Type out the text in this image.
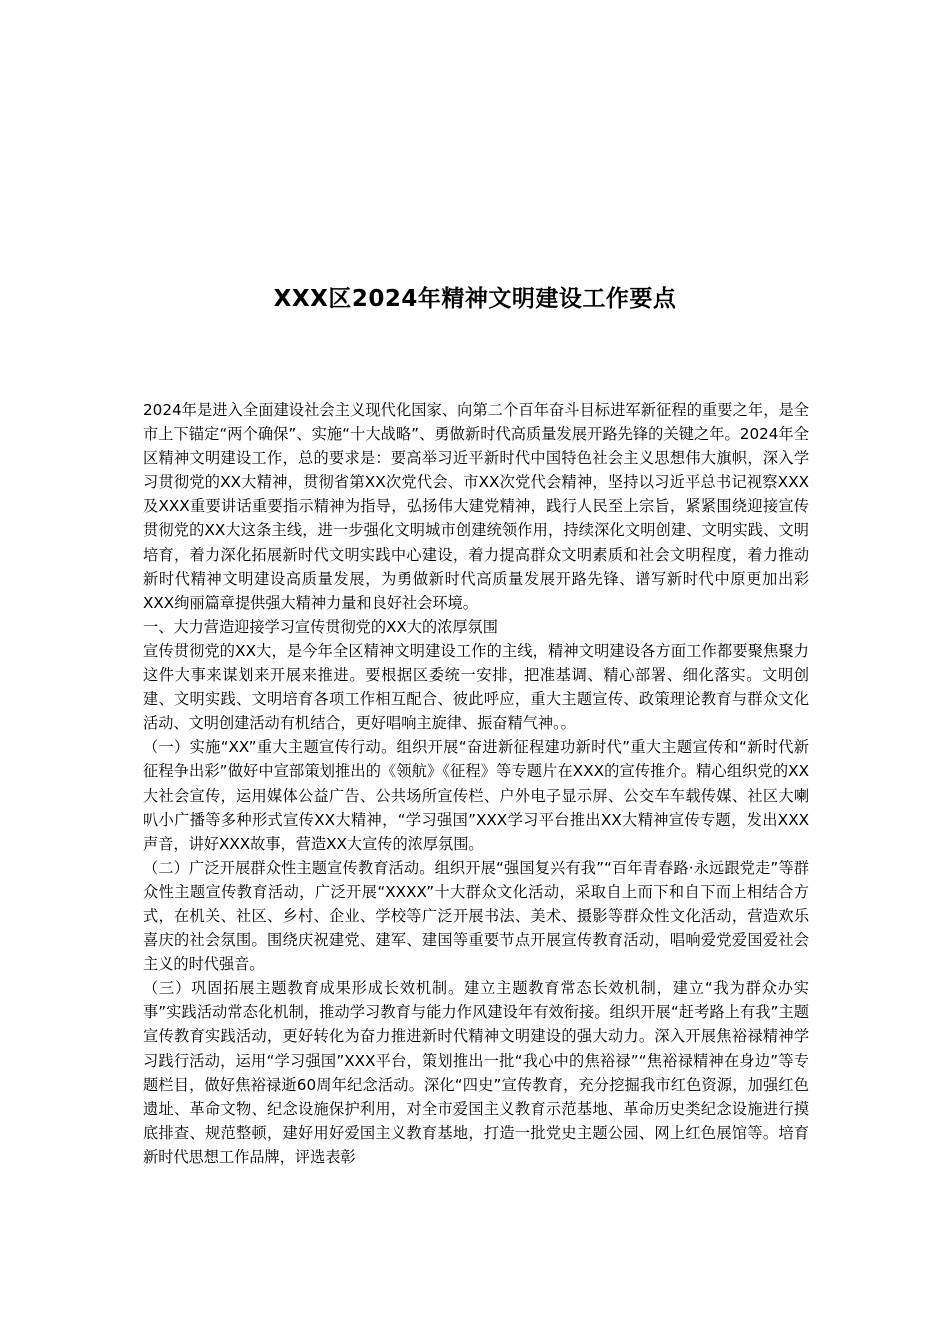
XXX区2024年精神文明建设工作要点

2024年是进入全面建设社会主义现代化国家、向第二个百年奋斗目标进军新征程的重要之年，是全市上下锚定“两个确保”、实施“十大战略”、勇做新时代高质量发展开路先锋的关键之年。2024年全区精神文明建设工作，总的要求是：要高举习近平新时代中国特色社会主义思想伟大旗帜，深入学习贯彻党的XX大精神，贯彻省第XX次党代会、市XX次党代会精神，坚持以习近平总书记视察XXX及XXX重要讲话重要指示精神为指导，弘扬伟大建党精神，践行人民至上宗旨，紧紧围绕迎接宣传贯彻党的XX大这条主线，进一步强化文明城市创建统领作用，持续深化文明创建、文明实践、文明培育，着力深化拓展新时代文明实践中心建设，着力提高群众文明素质和社会文明程度，着力推动新时代精神文明建设高质量发展，为勇做新时代高质量发展开路先锋、谱写新时代中原更加出彩XXX绚丽篇章提供强大精神力量和良好社会环境。

一、大力营造迎接学习宣传贯彻党的XX大的浓厚氛围

宣传贯彻党的XX大，是今年全区精神文明建设工作的主线，精神文明建设各方面工作都要聚焦聚力这件大事来谋划来开展来推进。要根据区委统一安排，把准基调、精心部署、细化落实。文明创建、文明实践、文明培育各项工作相互配合、彼此呼应，重大主题宣传、政策理论教育与群众文化活动、文明创建活动有机结合，更好唱响主旋律、振奋精气神。。

（一）实施“XX”重大主题宣传行动。组织开展“奋进新征程建功新时代”重大主题宣传和“新时代新征程争出彩”做好中宣部策划推出的《领航》《征程》等专题片在XXX的宣传推介。精心组织党的XX大社会宣传，运用媒体公益广告、公共场所宣传栏、户外电子显示屏、公交车车载传媒、社区大喇叭小广播等多种形式宣传XX大精神，“学习强国”XXX学习平台推出XX大精神宣传专题，发出XXX声音，讲好XXX故事，营造XX大宣传的浓厚氛围。

（二）广泛开展群众性主题宣传教育活动。组织开展“强国复兴有我”“百年青春路·永远跟党走”等群众性主题宣传教育活动，广泛开展“XXXX”十大群众文化活动，采取自上而下和自下而上相结合方式，在机关、社区、乡村、企业、学校等广泛开展书法、美术、摄影等群众性文化活动，营造欢乐喜庆的社会氛围。围绕庆祝建党、建军、建国等重要节点开展宣传教育活动，唱响爱党爱国爱社会主义的时代强音。

（三）巩固拓展主题教育成果形成长效机制。建立主题教育常态长效机制，建立“我为群众办实事”实践活动常态化机制，推动学习教育与能力作风建设年有效衔接。组织开展“赶考路上有我”主题宣传教育实践活动，更好转化为奋力推进新时代精神文明建设的强大动力。深入开展焦裕禄精神学习践行活动，运用“学习强国”XXX平台，策划推出一批“我心中的焦裕禄”“焦裕禄精神在身边”等专题栏目，做好焦裕禄逝60周年纪念活动。深化“四史”宣传教育，充分挖掘我市红色资源，加强红色遗址、革命文物、纪念设施保护利用，对全市爱国主义教育示范基地、革命历史类纪念设施进行摸底排查、规范整顿，建好用好爱国主义教育基地，打造一批党史主题公园、网上红色展馆等。培育新时代思想工作品牌，评选表彰
